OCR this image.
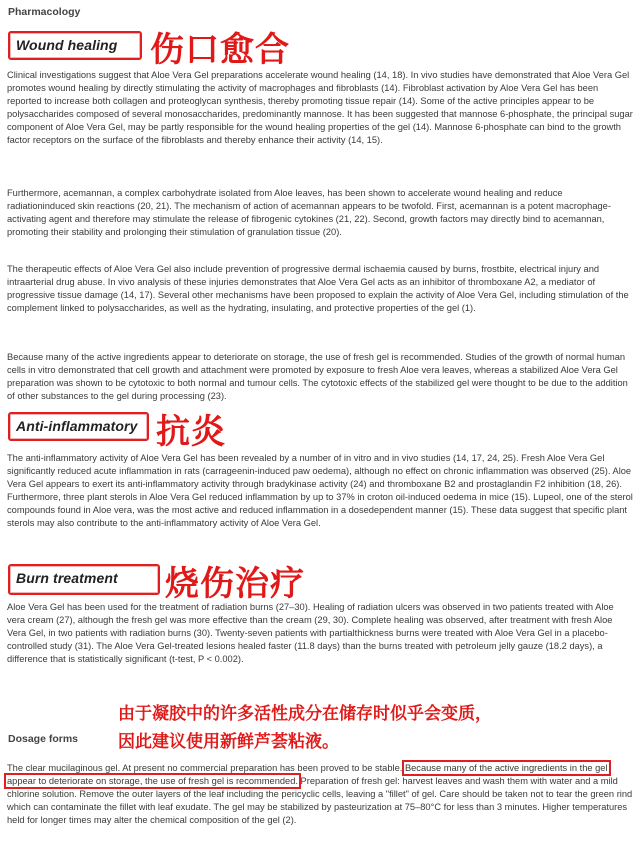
Pharmacology
Wound healing 伤口愈合

Clinical investigations suggest that Aloe Vera Gel preparations accelerate wound healing (14, 18). In vivo studies have demonstrated that Aloe Vera Gel promotes wound healing by directly stimulating the activity of macrophages and fibroblasts (14). Fibroblast activation by Aloe Vera Gel has been reported to increase both collagen and proteoglycan synthesis, thereby promoting tissue repair (14). Some of the active principles appear to be polysaccharides composed of several monosaccharides, predominantly mannose. It has been suggested that mannose 6-phosphate, the principal sugar component of Aloe Vera Gel, may be partly responsible for the wound healing properties of the gel (14). Mannose 6-phosphate can bind to the growth factor receptors on the surface of the fibroblasts and thereby enhance their activity (14, 15).

Furthermore, acemannan, a complex carbohydrate isolated from Aloe leaves, has been shown to accelerate wound healing and reduce radiationinduced skin reactions (20, 21). The mechanism of action of acemannan appears to be twofold. First, acemannan is a potent macrophage-activating agent and therefore may stimulate the release of fibrogenic cytokines (21, 22). Second, growth factors may directly bind to acemannan, promoting their stability and prolonging their stimulation of granulation tissue (20).

The therapeutic effects of Aloe Vera Gel also include prevention of progressive dermal ischaemia caused by burns, frostbite, electrical injury and intraarterial drug abuse. In vivo analysis of these injuries demonstrates that Aloe Vera Gel acts as an inhibitor of thromboxane A2, a mediator of progressive tissue damage (14, 17). Several other mechanisms have been proposed to explain the activity of Aloe Vera Gel, including stimulation of the complement linked to polysaccharides, as well as the hydrating, insulating, and protective properties of the gel (1).

Because many of the active ingredients appear to deteriorate on storage, the use of fresh gel is recommended. Studies of the growth of normal human cells in vitro demonstrated that cell growth and attachment were promoted by exposure to fresh Aloe vera leaves, whereas a stabilized Aloe Vera Gel preparation was shown to be cytotoxic to both normal and tumour cells. The cytotoxic effects of the stabilized gel were thought to be due to the addition of other substances to the gel during processing (23).

Anti-inflammatory 抗炎

The anti-inflammatory activity of Aloe Vera Gel has been revealed by a number of in vitro and in vivo studies (14, 17, 24, 25). Fresh Aloe Vera Gel significantly reduced acute inflammation in rats (carrageenin-induced paw oedema), although no effect on chronic inflammation was observed (25). Aloe Vera Gel appears to exert its anti-inflammatory activity through bradykinase activity (24) and thromboxane B2 and prostaglandin F2 inhibition (18, 26). Furthermore, three plant sterols in Aloe Vera Gel reduced inflammation by up to 37% in croton oil-induced oedema in mice (15). Lupeol, one of the sterol compounds found in Aloe vera, was the most active and reduced inflammation in a dosedependent manner (15). These data suggest that specific plant sterols may also contribute to the anti-inflammatory activity of Aloe Vera Gel.

Burn treatment	烧伤治疗

Aloe Vera Gel has been used for the treatment of radiation burns (27–30). Healing of radiation ulcers was observed in two patients treated with Aloe vera cream (27), although the fresh gel was more effective than the cream (29, 30). Complete healing was observed, after treatment with fresh Aloe Vera Gel, in two patients with radiation burns (30). Twenty-seven patients with partialthickness burns were treated with Aloe Vera Gel in a placebo-controlled study (31). The Aloe Vera Gel-treated lesions healed faster (11.8 days) than the burns treated with petroleum jelly gauze (18.2 days), a difference that is statistically significant (t-test, P < 0.002).

由于凝胶中的许多活性成分在储存时似乎会变质，
因此建议使用新鲜芦荟粘液。
Dosage forms

The clear mucilaginous gel. At present no commercial preparation has been proved to be stable. Because many of the active ingredients in the gel appear to deteriorate on storage, the use of fresh gel is recommended. Preparation of fresh gel: harvest leaves and wash them with water and a mild chlorine solution. Remove the outer layers of the leaf including the pericyclic cells, leaving a "fillet" of gel. Care should be taken not to tear the green rind which can contaminate the fillet with leaf exudate. The gel may be stabilized by pasteurization at 75–80°C for less than 3 minutes. Higher temperatures held for longer times may alter the chemical composition of the gel (2).
